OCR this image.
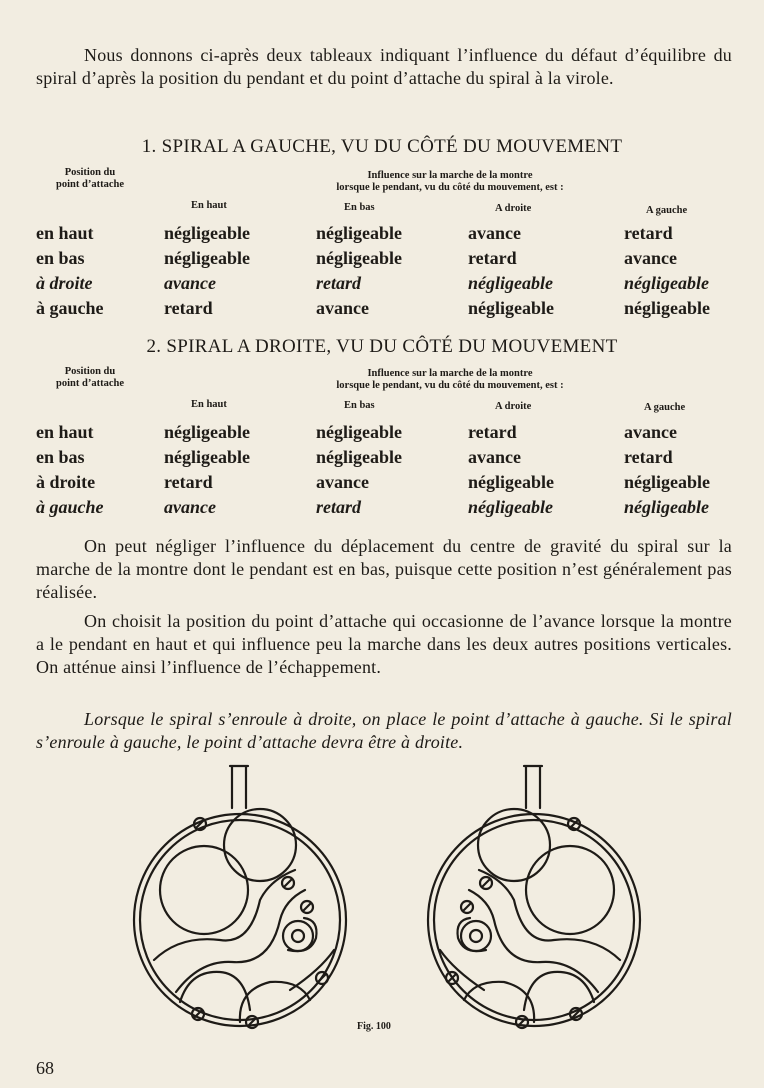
Nous donnons ci-après deux tableaux indiquant l’influence du défaut d’équilibre du spiral d’après la position du pendant et du point d’attache du spiral à la virole.

1. SPIRAL A GAUCHE, VU DU CÔTÉ DU MOUVEMENT

Position du
point d’attache
Influence sur la marche de la montre
lorsque le pendant, vu du côté du mouvement, est :
En haut	En bas	A droite	A gauche
en haut	négligeable	négligeable	avance	retard
en bas	négligeable	négligeable	retard	avance
à droite	avance	retard	négligeable	négligeable
à gauche	retard	avance	négligeable	négligeable

2. SPIRAL A DROITE, VU DU CÔTÉ DU MOUVEMENT

Position du
point d’attache
Influence sur la marche de la montre
lorsque le pendant, vu du côté du mouvement, est :
En haut	En bas	A droite	A gauche
en haut	négligeable	négligeable	retard	avance
en bas	négligeable	négligeable	avance	retard
à droite	retard	avance	négligeable	négligeable
à gauche	avance	retard	négligeable	négligeable

On peut négliger l’influence du déplacement du centre de gravité du spiral sur la marche de la montre dont le pendant est en bas, puisque cette position n’est généralement pas réalisée.

On choisit la position du point d’attache qui occasionne de l’avance lorsque la montre a le pendant en haut et qui influence peu la marche dans les deux autres positions verticales. On atténue ainsi l’influence de l’échappement.

Lorsque le spiral s’enroule à droite, on place le point d’attache à gauche. Si le spiral s’enroule à gauche, le point d’attache devra être à droite.

Fig. 100
68
